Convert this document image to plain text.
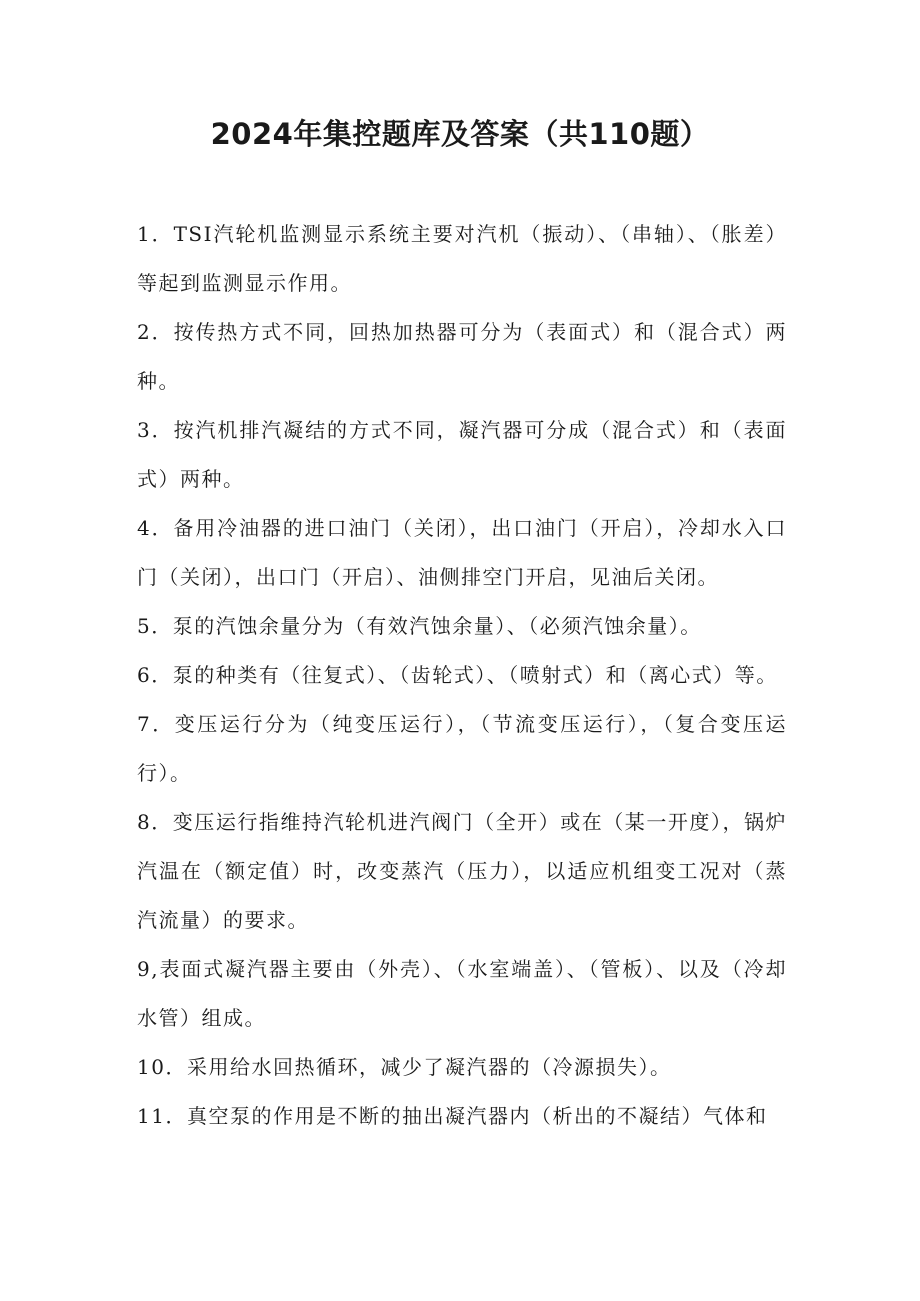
2024年集控题库及答案（共110题）

1．TSI汽轮机监测显示系统主要对汽机（振动）、（串轴）、（胀差）等起到监测显示作用。

2．按传热方式不同，回热加热器可分为（表面式）和（混合式）两种。

3．按汽机排汽凝结的方式不同，凝汽器可分成（混合式）和（表面式）两种。

4．备用冷油器的进口油门（关闭），出口油门（开启），冷却水入口门（关闭），出口门（开启）、油侧排空门开启，见油后关闭。

5．泵的汽蚀余量分为（有效汽蚀余量）、（必须汽蚀余量）。

6．泵的种类有（往复式）、（齿轮式）、（喷射式）和（离心式）等。

7．变压运行分为（纯变压运行），（节流变压运行），（复合变压运行）。

8．变压运行指维持汽轮机进汽阀门（全开）或在（某一开度），锅炉汽温在（额定值）时，改变蒸汽（压力），以适应机组变工况对（蒸汽流量）的要求。

9,表面式凝汽器主要由（外壳）、（水室端盖）、（管板）、以及（冷却水管）组成。

10．采用给水回热循环，减少了凝汽器的（冷源损失）。

11．真空泵的作用是不断的抽出凝汽器内（析出的不凝结）气体和
